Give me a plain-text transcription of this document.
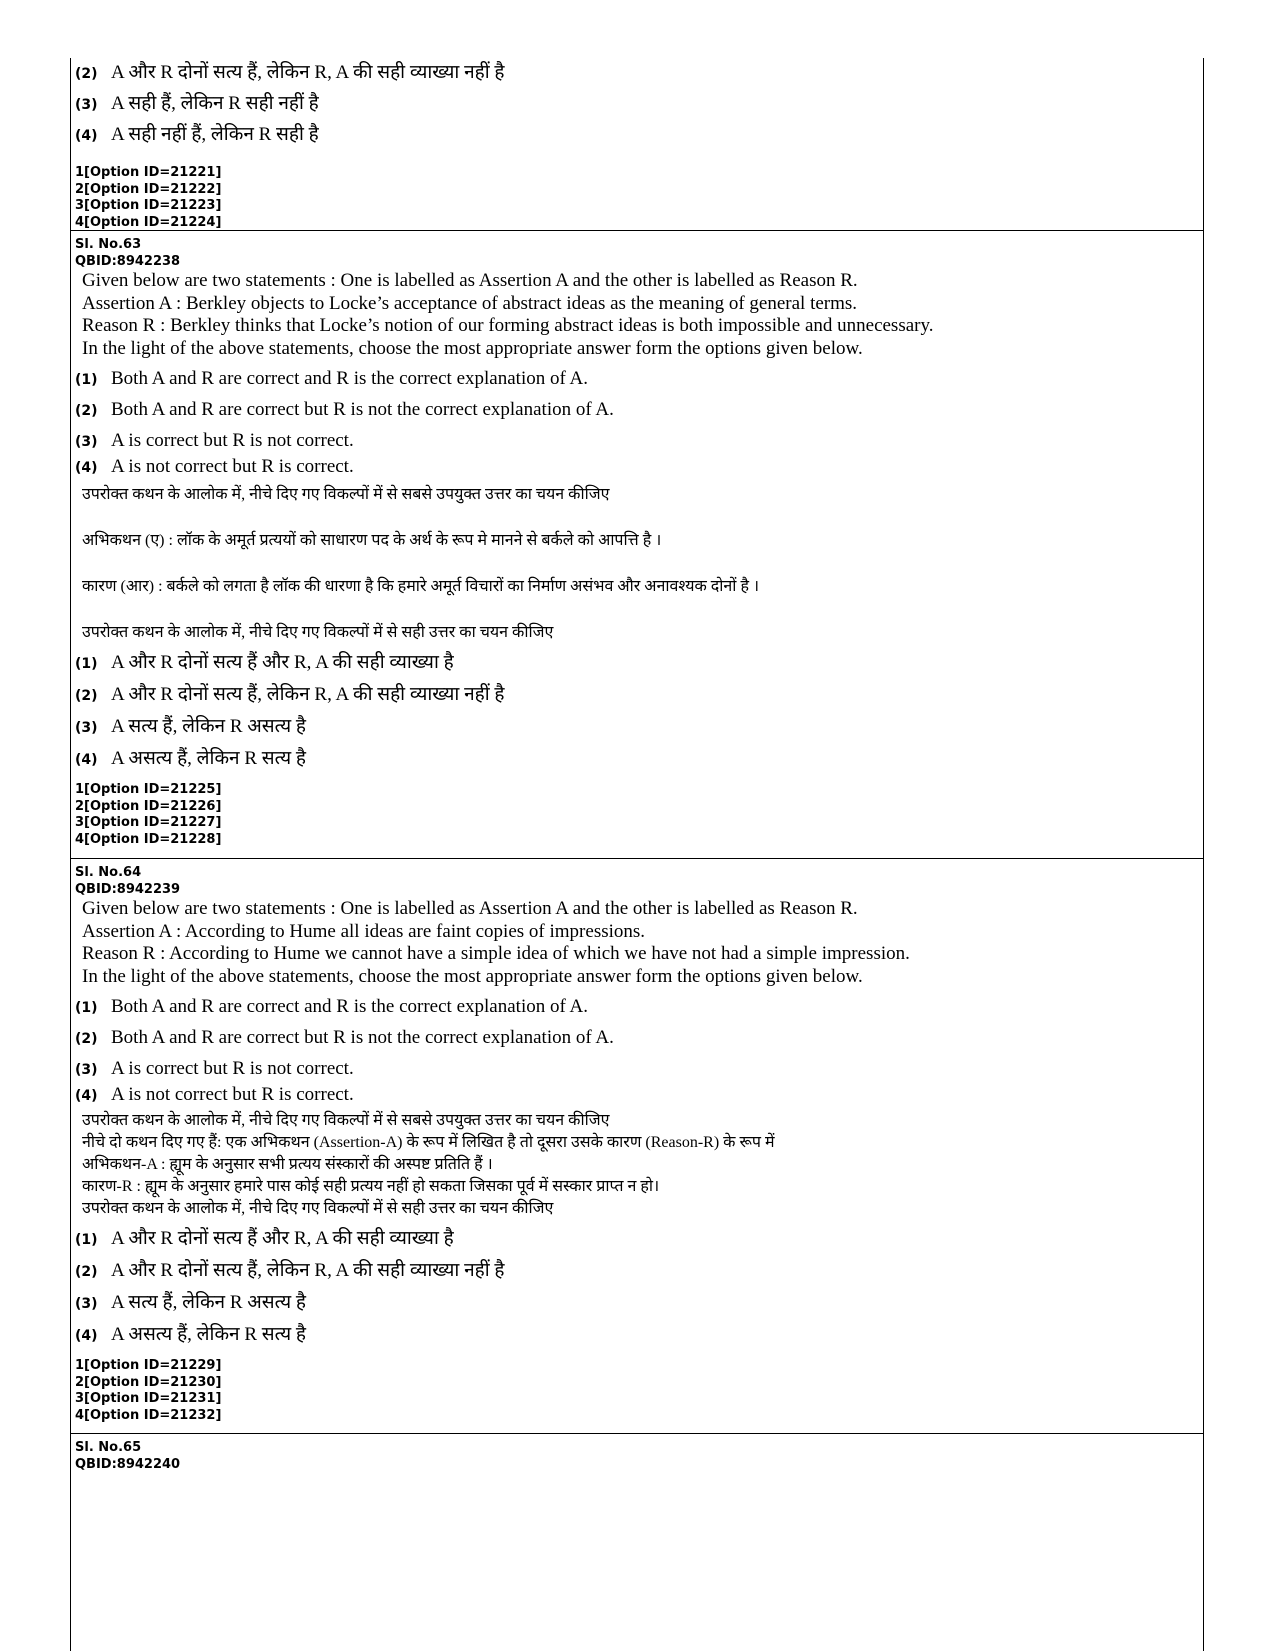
(2) A और R दोनों सत्य हैं, लेकिन R, A की सही व्याख्या नहीं है
(3) A सही हैं, लेकिन R सही नहीं है
(4) A सही नहीं हैं, लेकिन R सही है
1[Option ID=21221]
2[Option ID=21222]
3[Option ID=21223]
4[Option ID=21224]
Sl. No.63
QBID:8942238
Given below are two statements : One is labelled as Assertion A and the other is labelled as Reason R.
Assertion A : Berkley objects to Locke’s acceptance of abstract ideas as the meaning of general terms.
Reason R : Berkley thinks that Locke’s notion of our forming abstract ideas is both impossible and unnecessary.
In the light of the above statements, choose the most appropriate answer form the options given below.
(1) Both A and R are correct and R is the correct explanation of A.
(2) Both A and R are correct but R is not the correct explanation of A.
(3) A is correct but R is not correct.
(4) A is not correct but R is correct.
उपरोक्त कथन के आलोक में, नीचे दिए गए विकल्पों में से सबसे उपयुक्त उत्तर का चयन कीजिए
अभिकथन (ए) : लॉक के अमूर्त प्रत्ययों को साधारण पद के अर्थ के रूप मे मानने से बर्कले को आपत्ति है ।
कारण (आर) : बर्कले को लगता है लॉक की धारणा है कि हमारे अमूर्त विचारों का निर्माण असंभव और अनावश्यक दोनों है ।
उपरोक्त कथन के आलोक में, नीचे दिए गए विकल्पों में से सही उत्तर का चयन कीजिए
(1) A और R दोनों सत्य हैं और R, A की सही व्याख्या है
(2) A और R दोनों सत्य हैं, लेकिन R, A की सही व्याख्या नहीं है
(3) A सत्य हैं, लेकिन R असत्य है
(4) A असत्य हैं, लेकिन R सत्य है
1[Option ID=21225]
2[Option ID=21226]
3[Option ID=21227]
4[Option ID=21228]
Sl. No.64
QBID:8942239
Given below are two statements : One is labelled as Assertion A and the other is labelled as Reason R.
Assertion A : According to Hume all ideas are faint copies of impressions.
Reason R : According to Hume we cannot have a simple idea of which we have not had a simple impression.
In the light of the above statements, choose the most appropriate answer form the options given below.
(1) Both A and R are correct and R is the correct explanation of A.
(2) Both A and R are correct but R is not the correct explanation of A.
(3) A is correct but R is not correct.
(4) A is not correct but R is correct.
उपरोक्त कथन के आलोक में, नीचे दिए गए विकल्पों में से सबसे उपयुक्त उत्तर का चयन कीजिए
नीचे दो कथन दिए गए हैं: एक अभिकथन (Assertion-A) के रूप में लिखित है तो दूसरा उसके कारण (Reason-R) के रूप में
अभिकथन-A : ह्यूम के अनुसार सभी प्रत्यय संस्कारों की अस्पष्ट प्रतिति हैं ।
कारण-R : ह्यूम के अनुसार हमारे पास कोई सही प्रत्यय नहीं हो सकता जिसका पूर्व में सस्कार प्राप्त न हो।
उपरोक्त कथन के आलोक में, नीचे दिए गए विकल्पों में से सही उत्तर का चयन कीजिए
(1) A और R दोनों सत्य हैं और R, A की सही व्याख्या है
(2) A और R दोनों सत्य हैं, लेकिन R, A की सही व्याख्या नहीं है
(3) A सत्य हैं, लेकिन R असत्य है
(4) A असत्य हैं, लेकिन R सत्य है
1[Option ID=21229]
2[Option ID=21230]
3[Option ID=21231]
4[Option ID=21232]
Sl. No.65
QBID:8942240
